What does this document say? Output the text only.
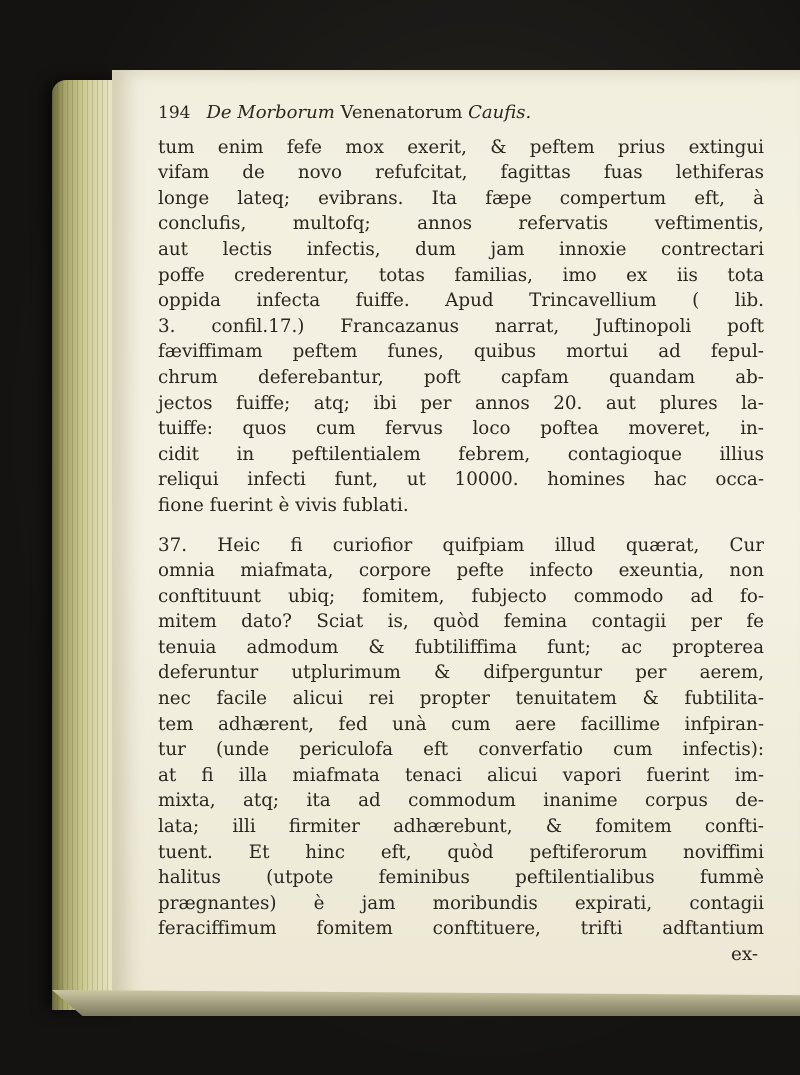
194 De Morborum Venenatorum Caufis.
tum enim fefe mox exerit, & peftem prius extingui
vifam de novo refufcitat, fagittas fuas lethiferas
longe lateq; evibrans. Ita fæpe compertum eft, à
conclufis, multofq; annos refervatis veftimentis,
aut lectis infectis, dum jam innoxie contrectari
poffe crederentur, totas familias, imo ex iis tota
oppida infecta fuiffe. Apud Trincavellium ( lib.
3. confil.17.) Francazanus narrat, Juftinopoli poft
fæviffimam peftem funes, quibus mortui ad fepul-
chrum deferebantur, poft capfam quandam ab-
jectos fuiffe; atq; ibi per annos 20. aut plures la-
tuiffe: quos cum fervus loco poftea moveret, in-
cidit in peftilentialem febrem, contagioque illius
reliqui infecti funt, ut 10000. homines hac occa-
fione fuerint è vivis fublati.
37. Heic fi curiofior quifpiam illud quærat, Cur
omnia miafmata, corpore pefte infecto exeuntia, non
conftituunt ubiq; fomitem, fubjecto commodo ad fo-
mitem dato? Sciat is, quòd femina contagii per fe
tenuia admodum & fubtiliffima funt; ac propterea
deferuntur utplurimum & difperguntur per aerem,
nec facile alicui rei propter tenuitatem & fubtilita-
tem adhærent, fed unà cum aere facillime infpiran-
tur (unde periculofa eft converfatio cum infectis):
at fi illa miafmata tenaci alicui vapori fuerint im-
mixta, atq; ita ad commodum inanime corpus de-
lata; illi firmiter adhærebunt, & fomitem confti-
tuent. Et hinc eft, quòd peftiferorum noviffimi
halitus (utpote feminibus peftilentialibus fummè
prægnantes) è jam moribundis expirati, contagii
feraciffimum fomitem conftituere, trifti adftantium
ex-
